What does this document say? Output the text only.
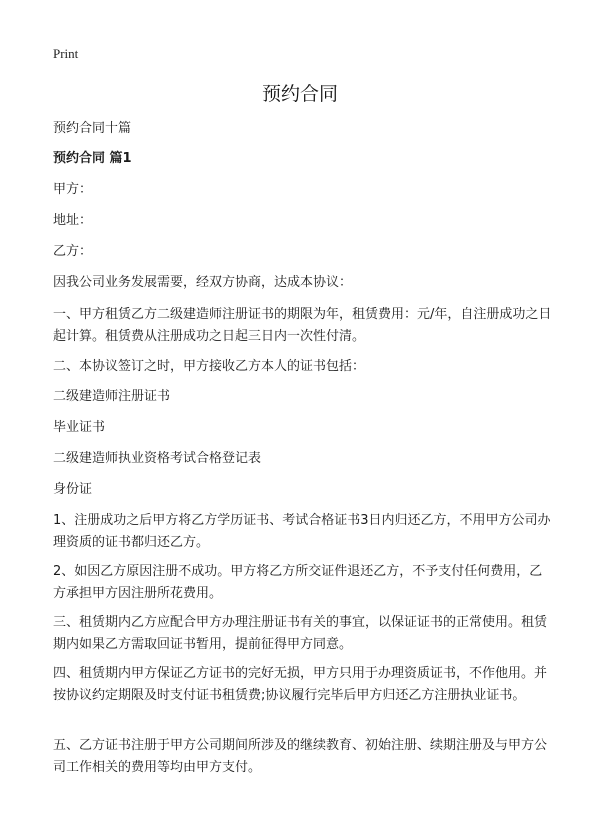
Print
预约合同

预约合同十篇

预约合同 篇1

甲方：

地址：

乙方：

因我公司业务发展需要，经双方协商，达成本协议：

一、甲方租赁乙方二级建造师注册证书的期限为年，租赁费用：元/年，自注册成功之日起计算。租赁费从注册成功之日起三日内一次性付清。

二、本协议签订之时，甲方接收乙方本人的证书包括：

二级建造师注册证书

毕业证书

二级建造师执业资格考试合格登记表

身份证

1、注册成功之后甲方将乙方学历证书、考试合格证书3日内归还乙方，不用甲方公司办理资质的证书都归还乙方。

2、如因乙方原因注册不成功。甲方将乙方所交证件退还乙方，不予支付任何费用，乙方承担甲方因注册所花费用。

三、租赁期内乙方应配合甲方办理注册证书有关的事宜，以保证证书的正常使用。租赁期内如果乙方需取回证书暂用，提前征得甲方同意。

四、租赁期内甲方保证乙方证书的完好无损，甲方只用于办理资质证书，不作他用。并按协议约定期限及时支付证书租赁费;协议履行完毕后甲方归还乙方注册执业证书。

五、乙方证书注册于甲方公司期间所涉及的继续教育、初始注册、续期注册及与甲方公司工作相关的费用等均由甲方支付。
